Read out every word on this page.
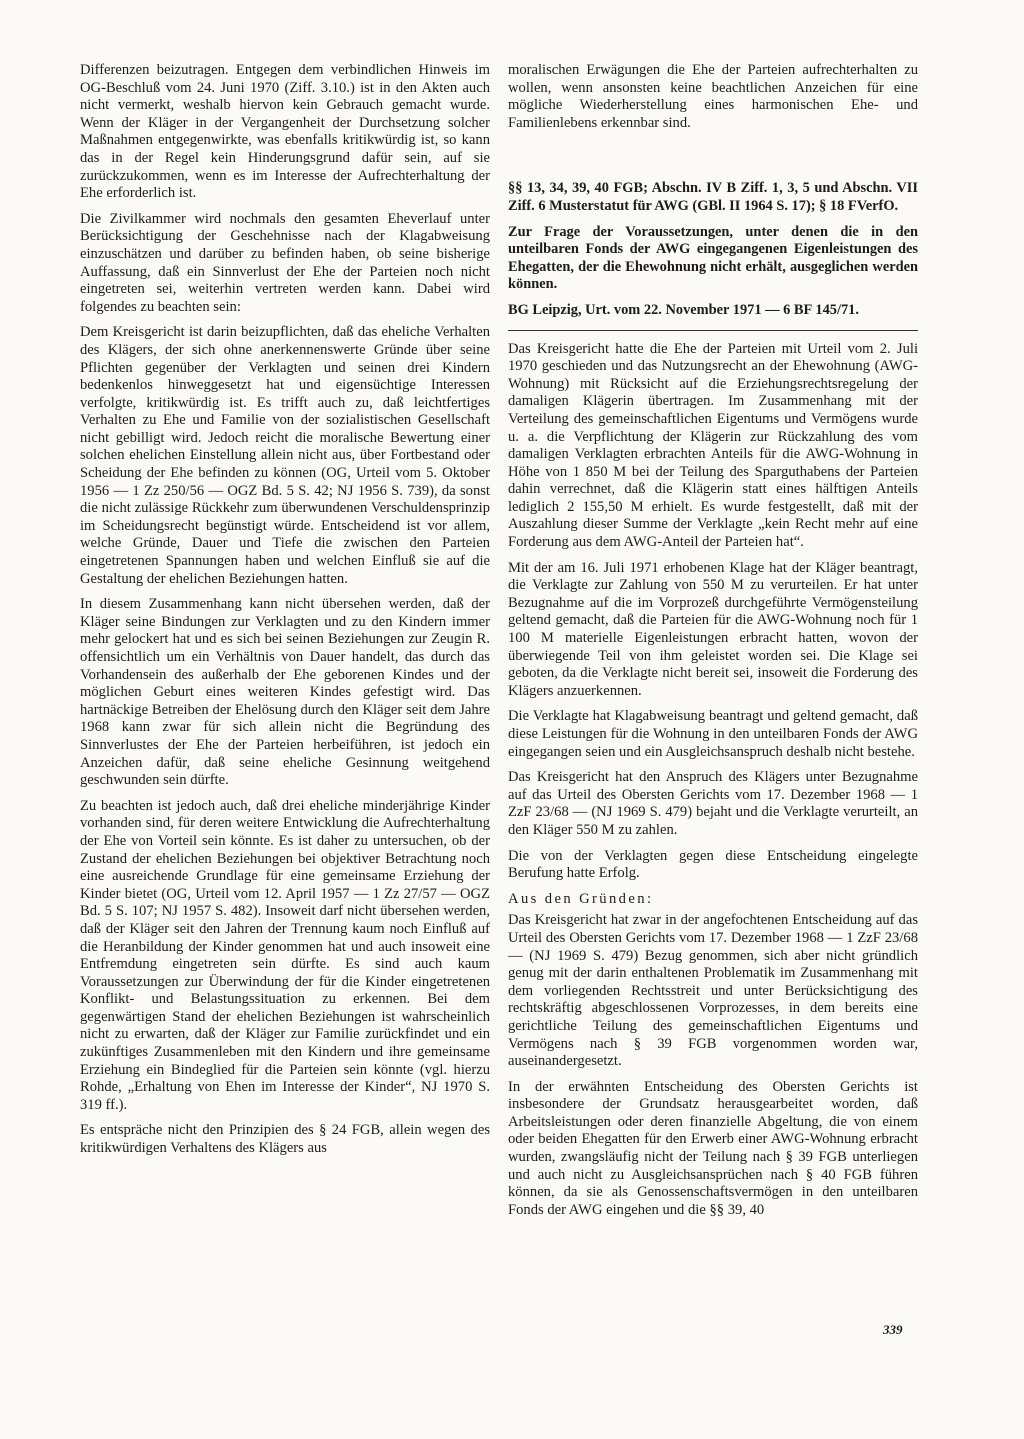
Differenzen beizutragen. Entgegen dem verbindlichen Hinweis im OG-Beschluß vom 24. Juni 1970 (Ziff. 3.10.) ist in den Akten auch nicht vermerkt, weshalb hiervon kein Gebrauch gemacht wurde. Wenn der Kläger in der Vergangenheit der Durchsetzung solcher Maßnahmen entgegenwirkte, was ebenfalls kritikwürdig ist, so kann das in der Regel kein Hinderungsgrund dafür sein, auf sie zurückzukommen, wenn es im Interesse der Aufrechterhaltung der Ehe erforderlich ist.

Die Zivilkammer wird nochmals den gesamten Eheverlauf unter Berücksichtigung der Geschehnisse nach der Klagabweisung einzuschätzen und darüber zu befinden haben, ob seine bisherige Auffassung, daß ein Sinnverlust der Ehe der Parteien noch nicht eingetreten sei, weiterhin vertreten werden kann. Dabei wird folgendes zu beachten sein:

Dem Kreisgericht ist darin beizupflichten, daß das eheliche Verhalten des Klägers, der sich ohne anerkennenswerte Gründe über seine Pflichten gegenüber der Verklagten und seinen drei Kindern bedenkenlos hinweggesetzt hat und eigensüchtige Interessen verfolgte, kritikwürdig ist. Es trifft auch zu, daß leichtfertiges Verhalten zu Ehe und Familie von der sozialistischen Gesellschaft nicht gebilligt wird. Jedoch reicht die moralische Bewertung einer solchen ehelichen Einstellung allein nicht aus, über Fortbestand oder Scheidung der Ehe befinden zu können (OG, Urteil vom 5. Oktober 1956 — 1 Zz 250/56 — OGZ Bd. 5 S. 42; NJ 1956 S. 739), da sonst die nicht zulässige Rückkehr zum überwundenen Verschuldensprinzip im Scheidungsrecht begünstigt würde. Entscheidend ist vor allem, welche Gründe, Dauer und Tiefe die zwischen den Parteien eingetretenen Spannungen haben und welchen Einfluß sie auf die Gestaltung der ehelichen Beziehungen hatten.

In diesem Zusammenhang kann nicht übersehen werden, daß der Kläger seine Bindungen zur Verklagten und zu den Kindern immer mehr gelockert hat und es sich bei seinen Beziehungen zur Zeugin R. offensichtlich um ein Verhältnis von Dauer handelt, das durch das Vorhandensein des außerhalb der Ehe geborenen Kindes und der möglichen Geburt eines weiteren Kindes gefestigt wird. Das hartnäckige Betreiben der Ehelösung durch den Kläger seit dem Jahre 1968 kann zwar für sich allein nicht die Begründung des Sinnverlustes der Ehe der Parteien herbeiführen, ist jedoch ein Anzeichen dafür, daß seine eheliche Gesinnung weitgehend geschwunden sein dürfte.

Zu beachten ist jedoch auch, daß drei eheliche minderjährige Kinder vorhanden sind, für deren weitere Entwicklung die Aufrechterhaltung der Ehe von Vorteil sein könnte. Es ist daher zu untersuchen, ob der Zustand der ehelichen Beziehungen bei objektiver Betrachtung noch eine ausreichende Grundlage für eine gemeinsame Erziehung der Kinder bietet (OG, Urteil vom 12. April 1957 — 1 Zz 27/57 — OGZ Bd. 5 S. 107; NJ 1957 S. 482). Insoweit darf nicht übersehen werden, daß der Kläger seit den Jahren der Trennung kaum noch Einfluß auf die Heranbildung der Kinder genommen hat und auch insoweit eine Entfremdung eingetreten sein dürfte. Es sind auch kaum Voraussetzungen zur Überwindung der für die Kinder eingetretenen Konflikt- und Belastungssituation zu erkennen. Bei dem gegenwärtigen Stand der ehelichen Beziehungen ist wahrscheinlich nicht zu erwarten, daß der Kläger zur Familie zurückfindet und ein zukünftiges Zusammenleben mit den Kindern und ihre gemeinsame Erziehung ein Bindeglied für die Parteien sein könnte (vgl. hierzu Rohde, „Erhaltung von Ehen im Interesse der Kinder“, NJ 1970 S. 319 ff.).

Es entspräche nicht den Prinzipien des § 24 FGB, allein wegen des kritikwürdigen Verhaltens des Klägers aus

moralischen Erwägungen die Ehe der Parteien aufrechterhalten zu wollen, wenn ansonsten keine beachtlichen Anzeichen für eine mögliche Wiederherstellung eines harmonischen Ehe- und Familienlebens erkennbar sind.

§§ 13, 34, 39, 40 FGB; Abschn. IV B Ziff. 1, 3, 5 und Abschn. VII Ziff. 6 Musterstatut für AWG (GBl. II 1964 S. 17); § 18 FVerfO.
Zur Frage der Voraussetzungen, unter denen die in den unteilbaren Fonds der AWG eingegangenen Eigenleistungen des Ehegatten, der die Ehewohnung nicht erhält, ausgeglichen werden können.
BG Leipzig, Urt. vom 22. November 1971 — 6 BF 145/71.

Das Kreisgericht hatte die Ehe der Parteien mit Urteil vom 2. Juli 1970 geschieden und das Nutzungsrecht an der Ehewohnung (AWG-Wohnung) mit Rücksicht auf die Erziehungsrechtsregelung der damaligen Klägerin übertragen. Im Zusammenhang mit der Verteilung des gemeinschaftlichen Eigentums und Vermögens wurde u. a. die Verpflichtung der Klägerin zur Rückzahlung des vom damaligen Verklagten erbrachten Anteils für die AWG-Wohnung in Höhe von 1 850 M bei der Teilung des Sparguthabens der Parteien dahin verrechnet, daß die Klägerin statt eines hälftigen Anteils lediglich 2 155,50 M erhielt. Es wurde festgestellt, daß mit der Auszahlung dieser Summe der Verklagte „kein Recht mehr auf eine Forderung aus dem AWG-Anteil der Parteien hat“.

Mit der am 16. Juli 1971 erhobenen Klage hat der Kläger beantragt, die Verklagte zur Zahlung von 550 M zu verurteilen. Er hat unter Bezugnahme auf die im Vorprozeß durchgeführte Vermögensteilung geltend gemacht, daß die Parteien für die AWG-Wohnung noch für 1 100 M materielle Eigenleistungen erbracht hatten, wovon der überwiegende Teil von ihm geleistet worden sei. Die Klage sei geboten, da die Verklagte nicht bereit sei, insoweit die Forderung des Klägers anzuerkennen.

Die Verklagte hat Klagabweisung beantragt und geltend gemacht, daß diese Leistungen für die Wohnung in den unteilbaren Fonds der AWG eingegangen seien und ein Ausgleichsanspruch deshalb nicht bestehe.

Das Kreisgericht hat den Anspruch des Klägers unter Bezugnahme auf das Urteil des Obersten Gerichts vom 17. Dezember 1968 — 1 ZzF 23/68 — (NJ 1969 S. 479) bejaht und die Verklagte verurteilt, an den Kläger 550 M zu zahlen.

Die von der Verklagten gegen diese Entscheidung eingelegte Berufung hatte Erfolg.

Aus den Gründen:

Das Kreisgericht hat zwar in der angefochtenen Entscheidung auf das Urteil des Obersten Gerichts vom 17. Dezember 1968 — 1 ZzF 23/68 — (NJ 1969 S. 479) Bezug genommen, sich aber nicht gründlich genug mit der darin enthaltenen Problematik im Zusammenhang mit dem vorliegenden Rechtsstreit und unter Berücksichtigung des rechtskräftig abgeschlossenen Vorprozesses, in dem bereits eine gerichtliche Teilung des gemeinschaftlichen Eigentums und Vermögens nach § 39 FGB vorgenommen worden war, auseinandergesetzt.

In der erwähnten Entscheidung des Obersten Gerichts ist insbesondere der Grundsatz herausgearbeitet worden, daß Arbeitsleistungen oder deren finanzielle Abgeltung, die von einem oder beiden Ehegatten für den Erwerb einer AWG-Wohnung erbracht wurden, zwangsläufig nicht der Teilung nach § 39 FGB unterliegen und auch nicht zu Ausgleichsansprüchen nach § 40 FGB führen können, da sie als Genossenschaftsvermögen in den unteilbaren Fonds der AWG eingehen und die §§ 39, 40

339
